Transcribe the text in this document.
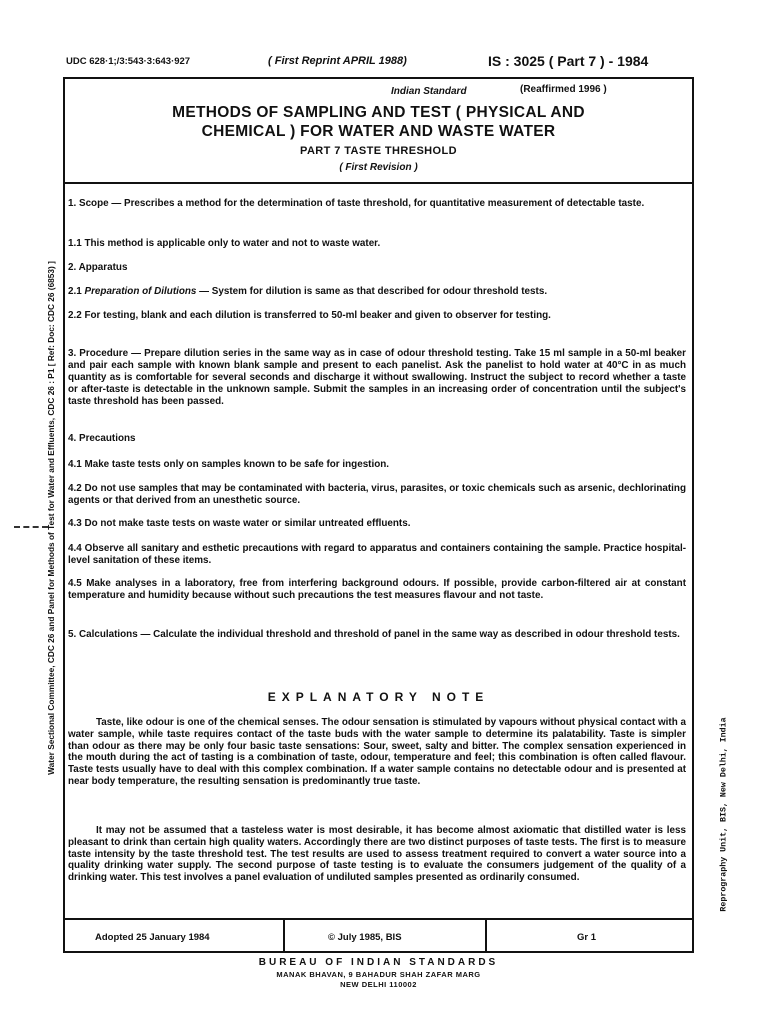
UDC 628·1;/3:543·3:643·927	( First Reprint APRIL 1988)	IS : 3025 ( Part 7 ) - 1984
Indian Standard	(Reaffirmed 1996 )
METHODS OF SAMPLING AND TEST ( PHYSICAL AND
CHEMICAL ) FOR WATER AND WASTE WATER
PART 7 TASTE THRESHOLD
( First Revision )
1. Scope — Prescribes a method for the determination of taste threshold, for quantitative measurement of detectable taste.
1.1 This method is applicable only to water and not to waste water.
2. Apparatus
2.1 Preparation of Dilutions — System for dilution is same as that described for odour threshold tests.
2.2 For testing, blank and each dilution is transferred to 50-ml beaker and given to observer for testing.
3. Procedure — Prepare dilution series in the same way as in case of odour threshold testing. Take 15 ml sample in a 50-ml beaker and pair each sample with known blank sample and present to each panelist. Ask the panelist to hold water at 40°C in as much quantity as is comfortable for several seconds and discharge it without swallowing. Instruct the subject to record whether a taste or after-taste is detectable in the unknown sample. Submit the samples in an increasing order of concentration until the subject's taste threshold has been passed.
4. Precautions
4.1 Make taste tests only on samples known to be safe for ingestion.
4.2 Do not use samples that may be contaminated with bacteria, virus, parasites, or toxic chemicals such as arsenic, dechlorinating agents or that derived from an unesthetic source.
4.3 Do not make taste tests on waste water or similar untreated effluents.
4.4 Observe all sanitary and esthetic precautions with regard to apparatus and containers containing the sample. Practice hospital-level sanitation of these items.
4.5 Make analyses in a laboratory, free from interfering background odours. If possible, provide carbon-filtered air at constant temperature and humidity because without such precautions the test measures flavour and not taste.
5. Calculations — Calculate the individual threshold and threshold of panel in the same way as described in odour threshold tests.
EXPLANATORY NOTE
Taste, like odour is one of the chemical senses. The odour sensation is stimulated by vapours without physical contact with a water sample, while taste requires contact of the taste buds with the water sample to determine its palatability. Taste is simpler than odour as there may be only four basic taste sensations: Sour, sweet, salty and bitter. The complex sensation experienced in the mouth during the act of tasting is a combination of taste, odour, temperature and feel; this combination is often called flavour. Taste tests usually have to deal with this complex combination. If a water sample contains no detectable odour and is presented at near body temperature, the resulting sensation is predominantly true taste.
It may not be assumed that a tasteless water is most desirable, it has become almost axiomatic that distilled water is less pleasant to drink than certain high quality waters. Accordingly there are two distinct purposes of taste tests. The first is to measure taste intensity by the taste threshold test. The test results are used to assess treatment required to convert a water source into a quality drinking water supply. The second purpose of taste testing is to evaluate the consumers judgement of the quality of a drinking water. This test involves a panel evaluation of undiluted samples presented as ordinarily consumed.
Adopted 25 January 1984	© July 1985, BIS	Gr 1
BUREAU OF INDIAN STANDARDS
MANAK BHAVAN, 9 BAHADUR SHAH ZAFAR MARG
NEW DELHI 110002
Water Sectional Committee, CDC 26 and Panel for Methods of Test for Water and Effluents, CDC 26 : P1 [ Ref: Doc: CDC 26 (6853) ]
Reprography Unit, BIS, New Delhi, India
